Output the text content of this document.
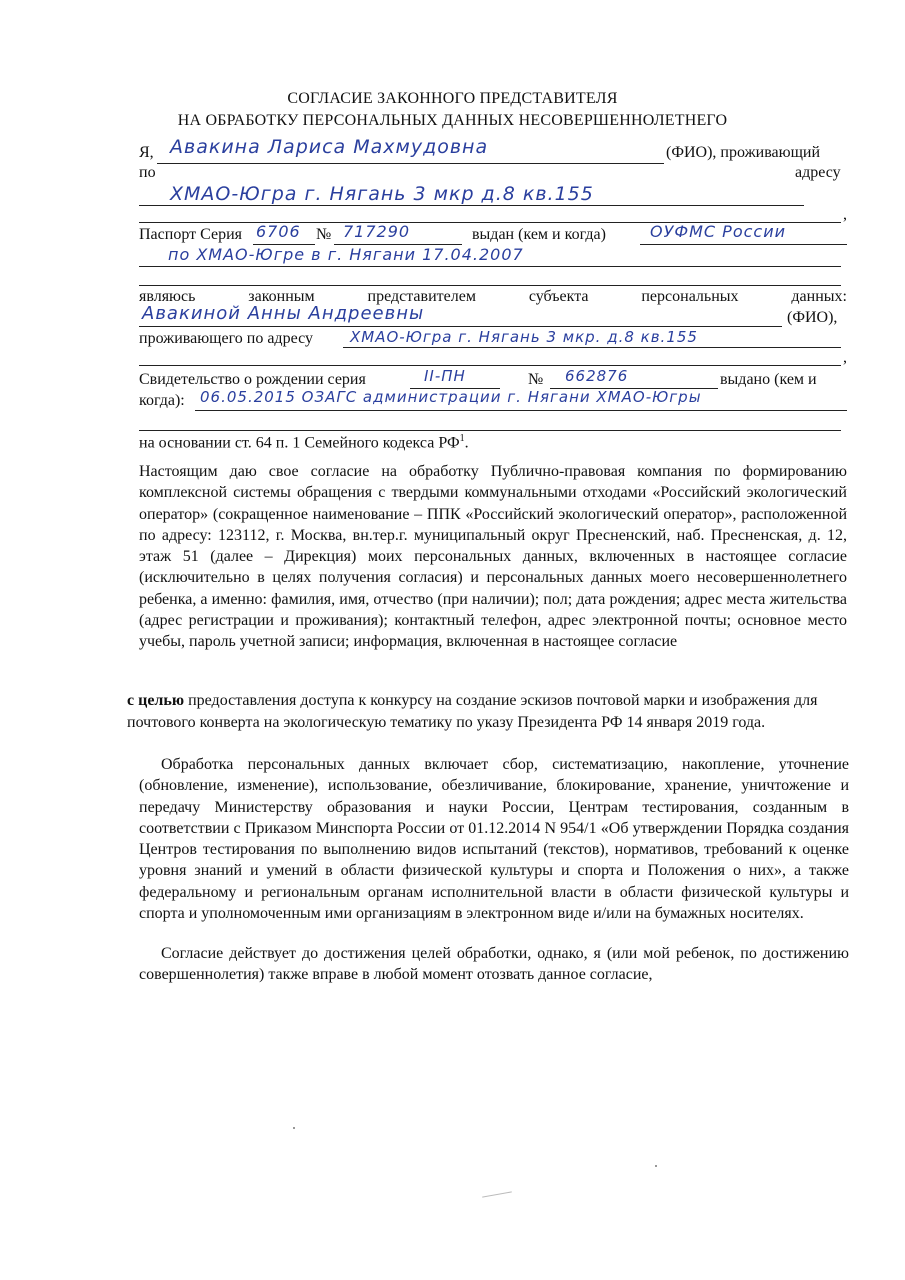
СОГЛАСИЕ ЗАКОННОГО ПРЕДСТАВИТЕЛЯ
НА ОБРАБОТКУ ПЕРСОНАЛЬНЫХ ДАННЫХ НЕСОВЕРШЕННОЛЕТНЕГО
Я, Авакина Лариса Махмудовна	(ФИО), проживающий
по	адресу
ХМАО-Югра г. Нягань 3 мкр д.8 кв.155
,
Паспорт Серия 6706 № 717290	выдан (кем и когда)	ОУФМС России
по ХМАО-Югре в г. Нягани 17.04.2007
являюсь	законным	представителем	субъекта	персональных	данных:
Авакиной Анны Андреевны	(ФИО),
проживающего по адресу ХМАО-Югра г. Нягань 3 мкр. д.8 кв.155
,
Свидетельство о рождении серия	II-ПН	№ 662876	выдано (кем и
когда): 06.05.2015 ОЗАГС администрации г. Нягани ХМАО-Югры
на основании ст. 64 п. 1 Семейного кодекса $РФ^1$.
Настоящим даю свое согласие на обработку Публично-правовая компания по формированию комплексной системы обращения с твердыми коммунальными отходами «Российский экологический оператор» (сокращенное наименование – ППК «Российский экологический оператор», расположенной по адресу: 123112, г. Москва, вн.тер.г. муниципальный округ Пресненский, наб. Пресненская, д. 12, этаж 51 (далее – Дирекция) моих персональных данных, включенных в настоящее согласие (исключительно в целях получения согласия) и персональных данных моего несовершеннолетнего ребенка, а именно: фамилия, имя, отчество (при наличии); пол; дата рождения; адрес места жительства (адрес регистрации и проживания); контактный телефон, адрес электронной почты; основное место учебы, пароль учетной записи; информация, включенная в настоящее согласие
с целью предоставления доступа к конкурсу на создание эскизов почтовой марки и изображения для почтового конверта на экологическую тематику по указу Президента РФ 14 января 2019 года.
Обработка персональных данных включает сбор, систематизацию, накопление, уточнение (обновление, изменение), использование, обезличивание, блокирование, хранение, уничтожение и передачу Министерству образования и науки России, Центрам тестирования, созданным в соответствии с Приказом Минспорта России от 01.12.2014 N 954/1 «Об утверждении Порядка создания Центров тестирования по выполнению видов испытаний (текстов), нормативов, требований к оценке уровня знаний и умений в области физической культуры и спорта и Положения о них», а также федеральному и региональным органам исполнительной власти в области физической культуры и спорта и уполномоченным ими организациям в электронном виде и/или на бумажных носителях.
Согласие действует до достижения целей обработки, однако, я (или мой ребенок, по достижению совершеннолетия) также вправе в любой момент отозвать данное согласие,
